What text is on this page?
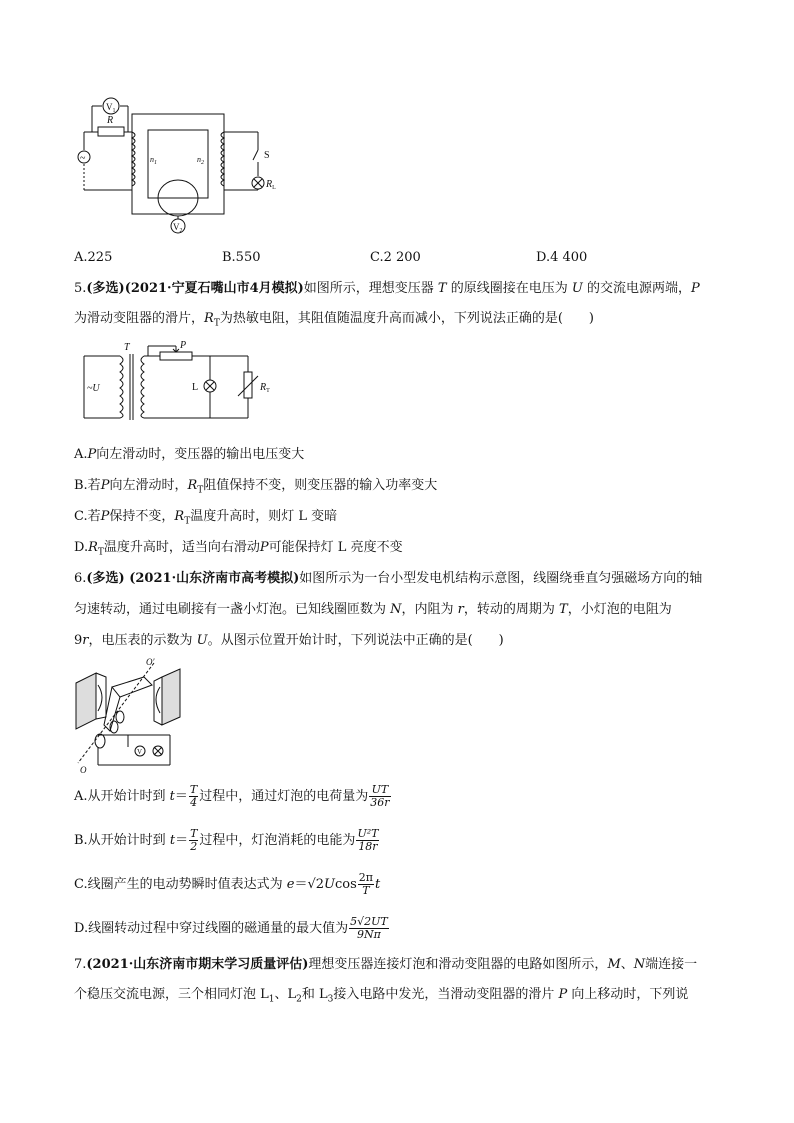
~
$V_1$
R
$n_1$	$n_2$
S
$R_L$
$V_2$
A.225	B.550	C.2 200	D.4 400
5.(多选)(2021·宁夏石嘴山市4月模拟)如图所示，理想变压器 T 的原线圈接在电压为 U 的交流电源两端，P
为滑动变阻器的滑片，$R_T$为热敏电阻，其阻值随温度升高而减小，下列说法正确的是(　　)
T	P
~U	L	$R_T$
A.P向左滑动时，变压器的输出电压变大
B.若P向左滑动时，$R_T$阻值保持不变，则变压器的输入功率变大
C.若P保持不变，$R_T$温度升高时，则灯 L 变暗
$D.R_T$温度升高时，适当向右滑动P可能保持灯 L 亮度不变
6.(多选) (2021·山东济南市高考模拟)如图所示为一台小型发电机结构示意图，线圈绕垂直匀强磁场方向的轴
匀速转动，通过电刷接有一盏小灯泡。已知线圈匝数为 N，内阻为 r，转动的周期为 T，小灯泡的电阻为
9r，电压表的示数为 U。从图示位置开始计时，下列说法中正确的是(　　)
O′
O
V
A.从开始计时到 $t= \frac{T}{4}$ 过程中，通过灯泡的电荷量为 $\frac{UT}{36r}$
B.从开始计时到 $t= \frac{T}{2}$ 过程中，灯泡消耗的电能为 $\frac{\text{U²T}}{18r}$
C.线圈产生的电动势瞬时值表达式为 $e=√2Ucos \frac{2\pi}{T}$ t
D.线圈转动过程中穿过线圈的磁通量的最大值为 $\frac{5√2UT}{9N\pi}$
7.(2021·山东济南市期末学习质量评估)理想变压器连接灯泡和滑动变阻器的电路如图所示，M、N端连接一
个稳压交流电源，三个相同灯泡 $L_1$、$L_2$和 $L_3$接入电路中发光，当滑动变阻器的滑片 P 向上移动时，下列说
